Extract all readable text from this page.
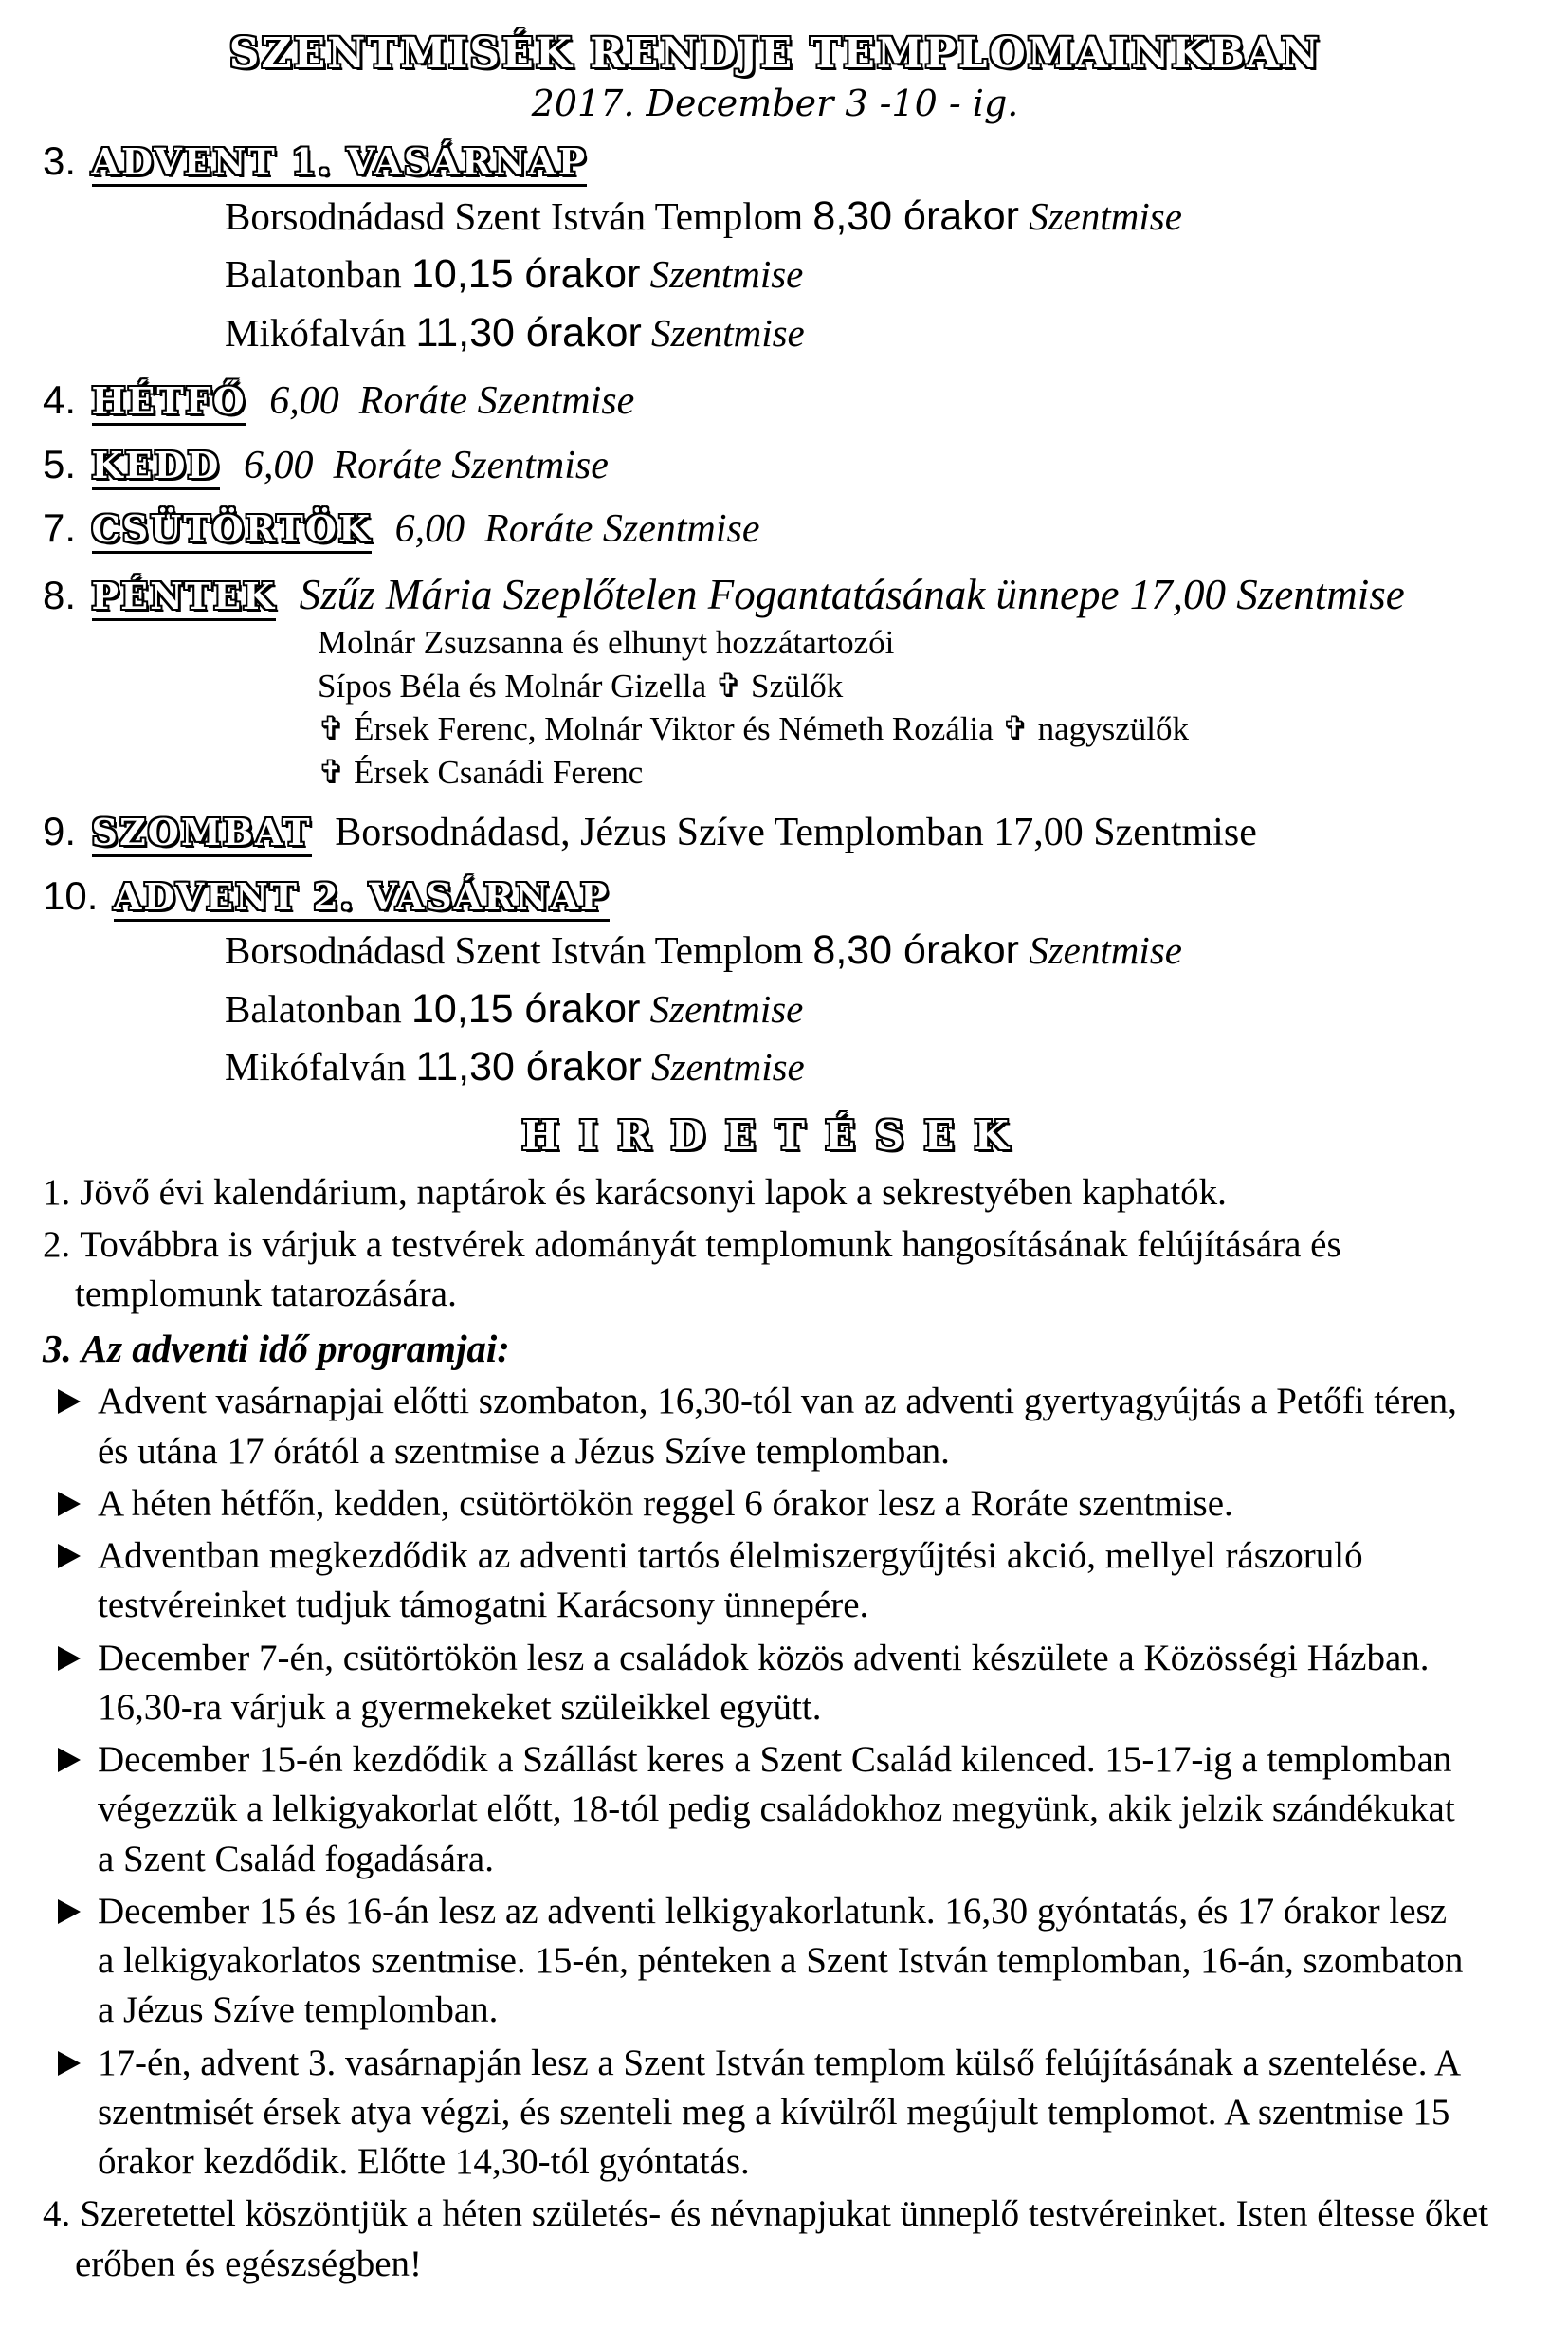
SZENTMISÉK RENDJE TEMPLOMAINKBAN
2017. December 3 -10 - ig.
3. ADVENT 1. VASÁRNAP
Borsodnádasd Szent István Templom 8,30 órakor Szentmise
Balatonban 10,15 órakor Szentmise
Mikófalván 11,30 órakor Szentmise
4. HÉTFŐ 6,00  Roráte Szentmise
5. KEDD 6,00  Roráte Szentmise
7. CSÜTÖRTÖK 6,00  Roráte Szentmise
8. PÉNTEK Szűz Mária Szeplőtelen Fogantatásának ünnepe 17,00 Szentmise
Molnár Zsuzsanna és elhunyt hozzátartozói
Sípos Béla és Molnár Gizella ✞ Szülők
✞ Érsek Ferenc, Molnár Viktor és Németh Rozália ✞ nagyszülők
✞ Érsek Csanádi Ferenc
9. SZOMBAT Borsodnádasd, Jézus Szíve Templomban 17,00 Szentmise
10. ADVENT 2. VASÁRNAP
Borsodnádasd Szent István Templom 8,30 órakor Szentmise
Balatonban 10,15 órakor Szentmise
Mikófalván 11,30 órakor Szentmise
HIRDETÉSEK
1. Jövő évi kalendárium, naptárok és karácsonyi lapok a sekrestyében kaphatók.
2. Továbbra is várjuk a testvérek adományát templomunk hangosításának felújítására és templomunk tatarozására.
3. Az adventi idő programjai:
Advent vasárnapjai előtti szombaton, 16,30-tól van az adventi gyertyagyújtás a Petőfi téren, és utána 17 órától a szentmise a Jézus Szíve templomban.
A héten hétfőn, kedden, csütörtökön reggel 6 órakor lesz a Roráte szentmise.
Adventban megkezdődik az adventi tartós élelmiszergyűjtési akció, mellyel rászoruló testvéreinket tudjuk támogatni Karácsony ünnepére.
December 7-én, csütörtökön lesz a családok közös adventi készülete a Közösségi Házban. 16,30-ra várjuk a gyermekeket szüleikkel együtt.
December 15-én kezdődik a Szállást keres a Szent Család kilenced. 15-17-ig a templomban végezzük a lelkigyakorlat előtt, 18-tól pedig családokhoz megyünk, akik jelzik szándékukat a Szent Család fogadására.
December 15 és 16-án lesz az adventi lelkigyakorlatunk. 16,30 gyóntatás, és 17 órakor lesz a lelkigyakorlatos szentmise. 15-én, pénteken a Szent István templomban, 16-án, szombaton a Jézus Szíve templomban.
17-én, advent 3. vasárnapján lesz a Szent István templom külső felújításának a szentelése. A szentmisét érsek atya végzi, és szenteli meg a kívülről megújult templomot. A szentmise 15 órakor kezdődik. Előtte 14,30-tól gyóntatás.
4. Szeretettel köszöntjük a héten születés- és névnapjukat ünneplő testvéreinket. Isten éltesse őket erőben és egészségben!
